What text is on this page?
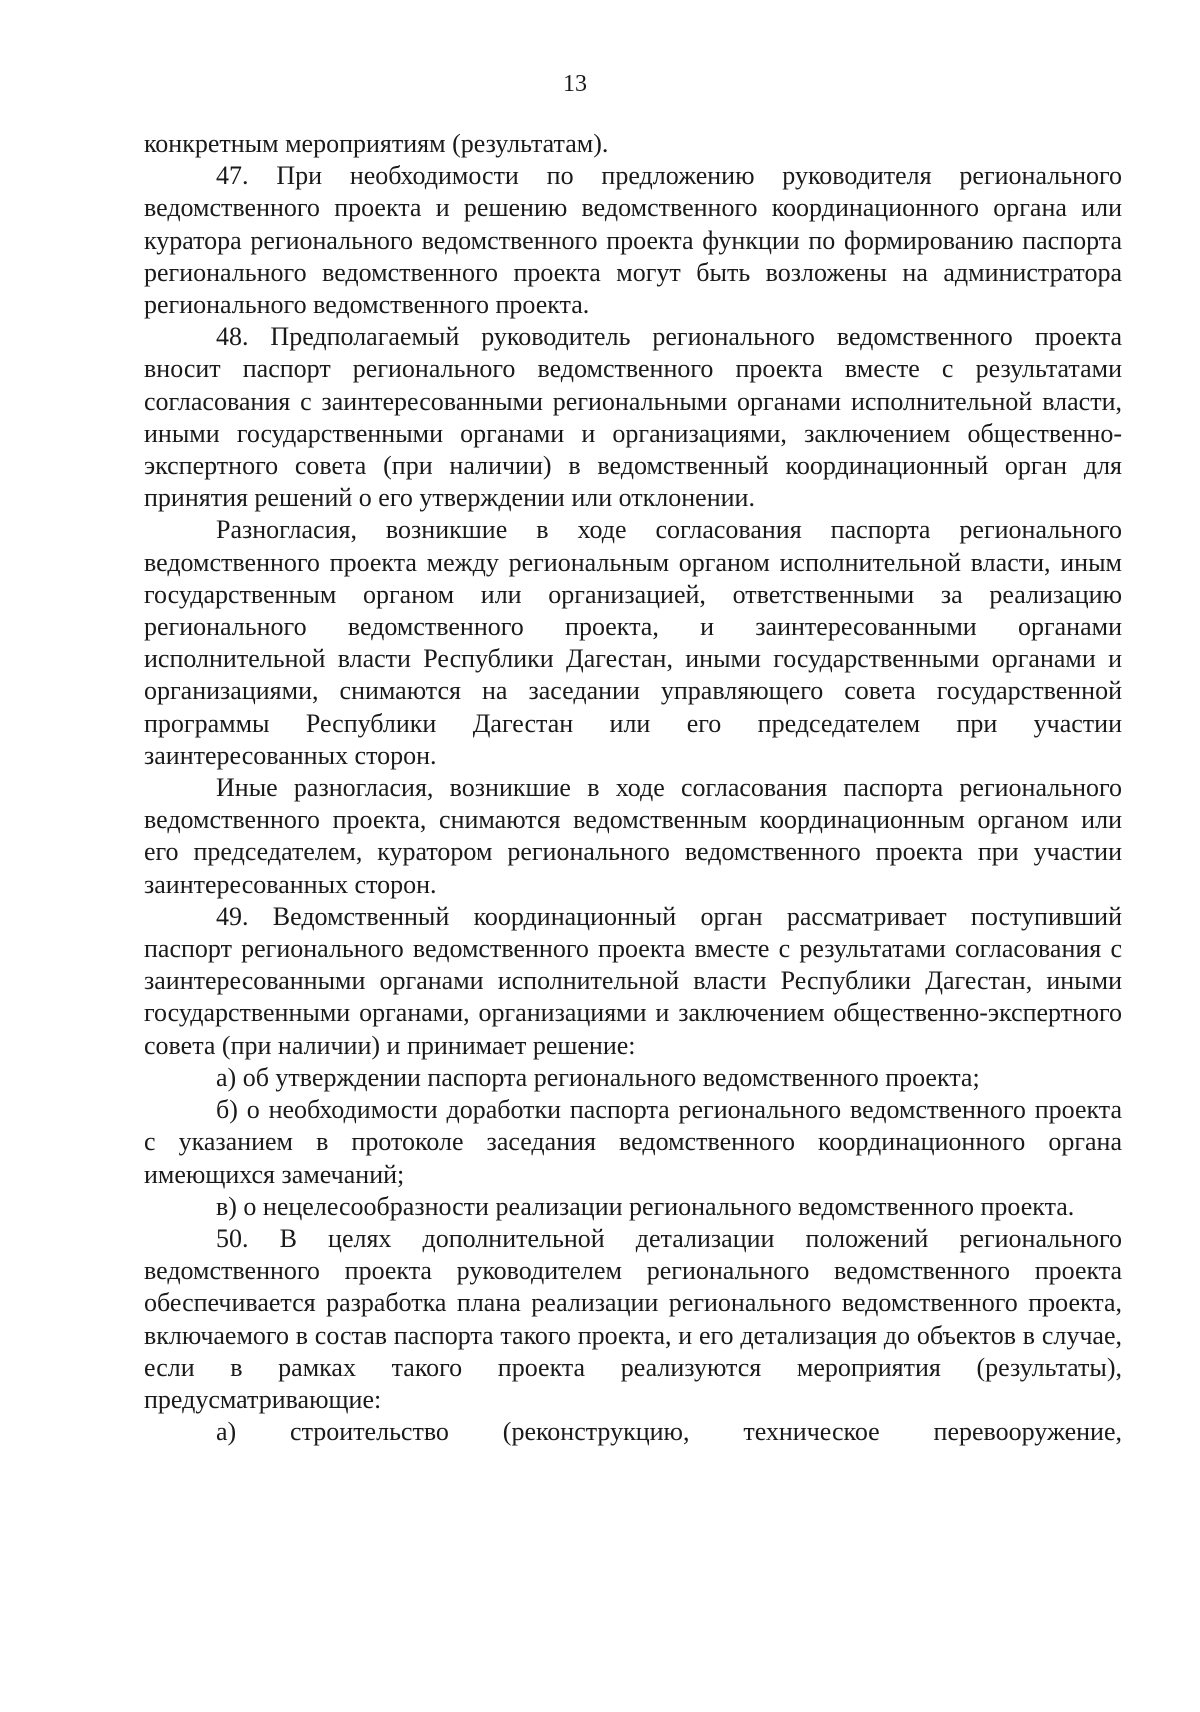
13

конкретным мероприятиям (результатам).

47. При необходимости по предложению руководителя регионального ведомственного проекта и решению ведомственного координационного органа или куратора регионального ведомственного проекта функции по формированию паспорта регионального ведомственного проекта могут быть возложены на администратора регионального ведомственного проекта.

48. Предполагаемый руководитель регионального ведомственного проекта вносит паспорт регионального ведомственного проекта вместе с результатами согласования с заинтересованными региональными органами исполнительной власти, иными государственными органами и организациями, заключением общественно-экспертного совета (при наличии) в ведомственный координационный орган для принятия решений о его утверждении или отклонении.

Разногласия, возникшие в ходе согласования паспорта регионального ведомственного проекта между региональным органом исполнительной власти, иным государственным органом или организацией, ответственными за реализацию регионального ведомственного проекта, и заинтересованными органами исполнительной власти Республики Дагестан, иными государственными органами и организациями, снимаются на заседании управляющего совета государственной программы Республики Дагестан или его председателем при участии заинтересованных сторон.

Иные разногласия, возникшие в ходе согласования паспорта регионального ведомственного проекта, снимаются ведомственным координационным органом или его председателем, куратором регионального ведомственного проекта при участии заинтересованных сторон.

49. Ведомственный координационный орган рассматривает поступивший паспорт регионального ведомственного проекта вместе с результатами согласования с заинтересованными органами исполнительной власти Республики Дагестан, иными государственными органами, организациями и заключением общественно-экспертного совета (при наличии) и принимает решение:

а) об утверждении паспорта регионального ведомственного проекта;

б) о необходимости доработки паспорта регионального ведомственного проекта с указанием в протоколе заседания ведомственного координационного органа имеющихся замечаний;

в) о нецелесообразности реализации регионального ведомственного проекта.

50. В целях дополнительной детализации положений регионального ведомственного проекта руководителем регионального ведомственного проекта обеспечивается разработка плана реализации регионального ведомственного проекта, включаемого в состав паспорта такого проекта, и его детализация до объектов в случае, если в рамках такого проекта реализуются мероприятия (результаты), предусматривающие:

а) строительство (реконструкцию, техническое перевооружение,
